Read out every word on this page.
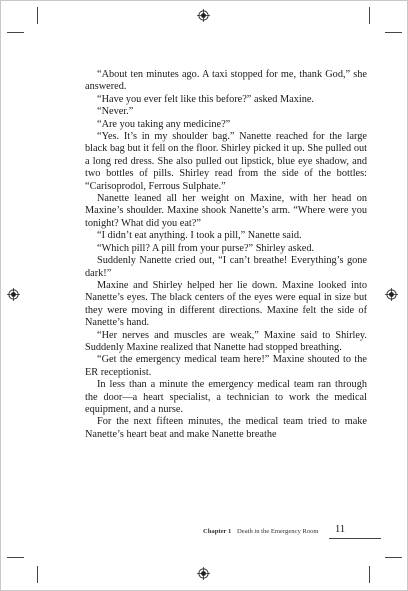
“About ten minutes ago. A taxi stopped for me, thank God,” she answered.

“Have you ever felt like this before?” asked Maxine.

“Never.”

“Are you taking any medicine?”

“Yes. It’s in my shoulder bag.” Nanette reached for the large black bag but it fell on the floor. Shirley picked it up. She pulled out a long red dress. She also pulled out lipstick, blue eye shadow, and two bottles of pills. Shirley read from the side of the bottles: “Carisoprodol, Ferrous Sulphate.”

Nanette leaned all her weight on Maxine, with her head on Maxine’s shoulder. Maxine shook Nanette’s arm. “Where were you tonight? What did you eat?”

“I didn’t eat anything. I took a pill,” Nanette said.

“Which pill? A pill from your purse?” Shirley asked.

Suddenly Nanette cried out, “I can’t breathe! Everything’s gone dark!”

Maxine and Shirley helped her lie down. Maxine looked into Nanette’s eyes. The black centers of the eyes were equal in size but they were moving in different directions. Maxine felt the side of Nanette’s hand.

“Her nerves and muscles are weak,” Maxine said to Shirley. Suddenly Maxine realized that Nanette had stopped breathing.

“Get the emergency medical team here!” Maxine shouted to the ER receptionist.

In less than a minute the emergency medical team ran through the door—a heart specialist, a technician to work the medical equipment, and a nurse.

For the next fifteen minutes, the medical team tried to make Nanette’s heart beat and make Nanette breathe

Chapter 1 Death in the Emergency Room 11
